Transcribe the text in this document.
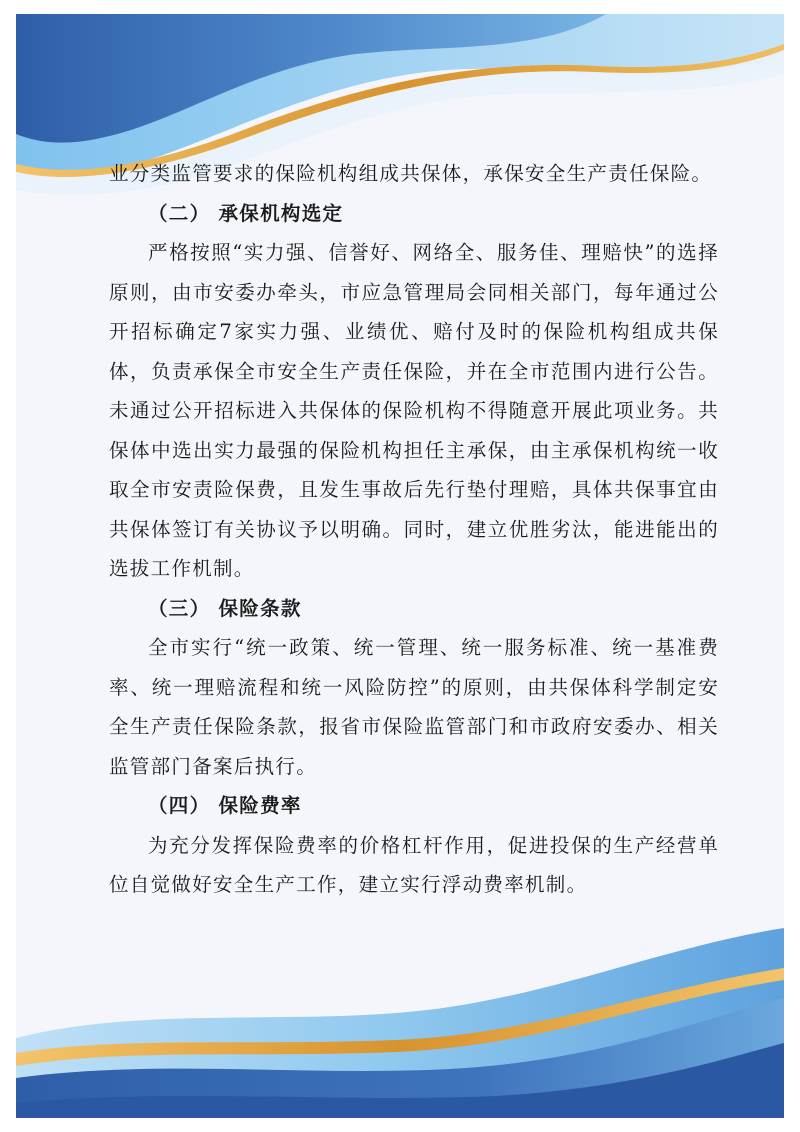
业分类监管要求的保险机构组成共保体，承保安全生产责任保险。

（二） 承保机构选定

严格按照“实力强、信誉好、网络全、服务佳、理赔快”的选择原则，由市安委办牵头，市应急管理局会同相关部门，每年通过公开招标确定7家实力强、业绩优、赔付及时的保险机构组成共保体，负责承保全市安全生产责任保险，并在全市范围内进行公告。未通过公开招标进入共保体的保险机构不得随意开展此项业务。共保体中选出实力最强的保险机构担任主承保，由主承保机构统一收取全市安责险保费，且发生事故后先行垫付理赔，具体共保事宜由共保体签订有关协议予以明确。同时，建立优胜劣汰，能进能出的选拔工作机制。

（三） 保险条款

全市实行“统一政策、统一管理、统一服务标准、统一基准费率、统一理赔流程和统一风险防控”的原则，由共保体科学制定安全生产责任保险条款，报省市保险监管部门和市政府安委办、相关监管部门备案后执行。

（四） 保险费率

为充分发挥保险费率的价格杠杆作用，促进投保的生产经营单位自觉做好安全生产工作，建立实行浮动费率机制。
